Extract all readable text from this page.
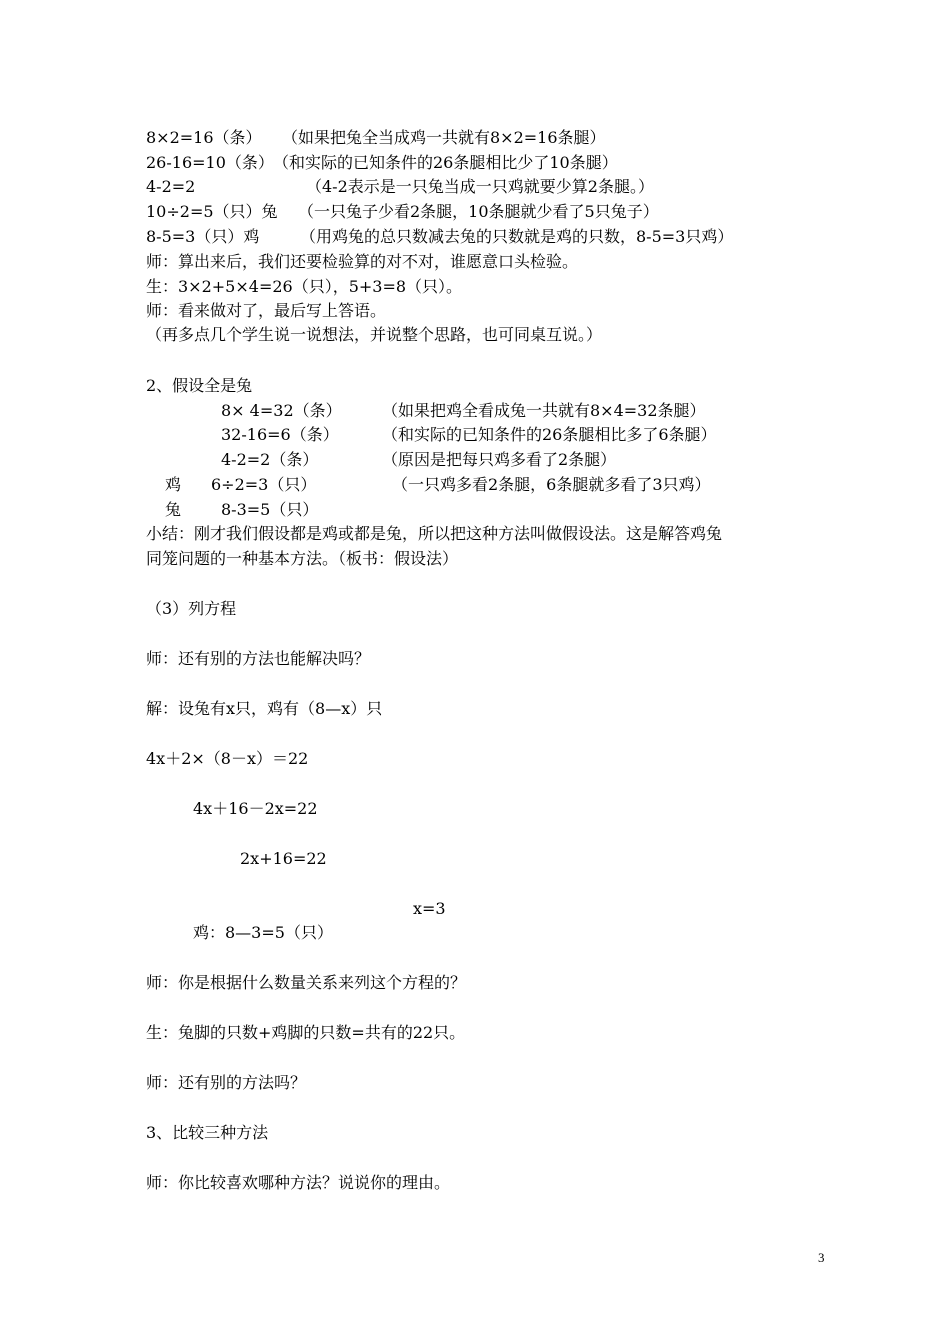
8×2=16（条） （如果把兔全当成鸡一共就有8×2=16条腿）
26-16=10（条） （和实际的已知条件的26条腿相比少了10条腿）
4-2=2	（4-2表示是一只兔当成一只鸡就要少算2条腿。）
10÷2=5（只）兔 （一只兔子少看2条腿，10条腿就少看了5只兔子）
8-5=3（只）鸡	（用鸡兔的总只数减去兔的只数就是鸡的只数，8-5=3只鸡）
师：算出来后，我们还要检验算的对不对，谁愿意口头检验。
生：3×2+5×4=26（只），5+3=8（只）。
师：看来做对了，最后写上答语。
（再多点几个学生说一说想法，并说整个思路，也可同桌互说。）
2、假设全是兔
8× 4=32（条）	（如果把鸡全看成兔一共就有8×4=32条腿）
32-16=6（条）	（和实际的已知条件的26条腿相比多了6条腿）
4-2=2（条）	（原因是把每只鸡多看了2条腿）
鸡 6÷2=3（只）	（一只鸡多看2条腿，6条腿就多看了3只鸡）
兔 8-3=5（只）
小结：刚才我们假设都是鸡或都是兔，所以把这种方法叫做假设法。这是解答鸡兔
同笼问题的一种基本方法。（板书：假设法）
（3）列方程
师：还有别的方法也能解决吗？
解：设兔有x只，鸡有（8—x）只
4x＋2×（8－x）＝22
4x＋16－2x=22
2x+16=22
x=3
鸡：8—3=5（只）
师：你是根据什么数量关系来列这个方程的？
生：兔脚的只数+鸡脚的只数=共有的22只。
师：还有别的方法吗？
3、比较三种方法
师：你比较喜欢哪种方法？说说你的理由。
3
